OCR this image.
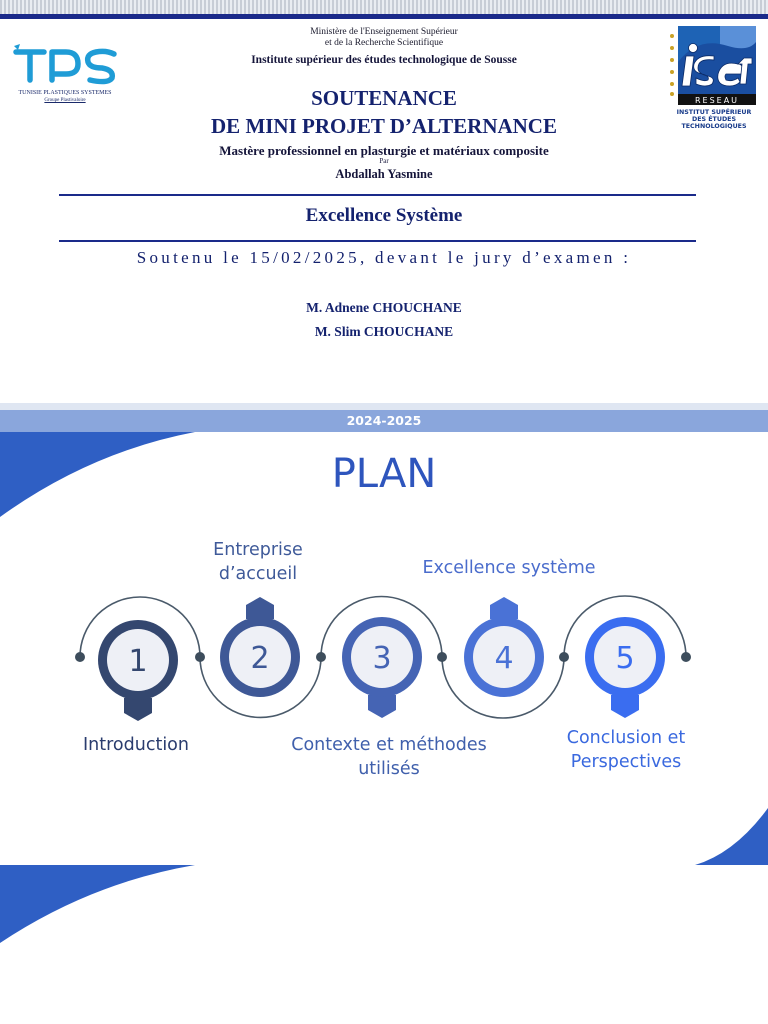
TUNISIE PLASTIQUES SYSTEMES
Groupe Plastivaloire	RESEAU
INSTITUT SUPÉRIEUR
DES ÉTUDES
TECHNOLOGIQUES
Ministère de l'Enseignement Supérieur
et de la Recherche Scientifique
Institute supérieur des études technologique de Sousse
SOUTENANCE
DE MINI PROJET D’ALTERNANCE
Mastère professionnel en plasturgie et matériaux composite
Par
Abdallah Yasmine
Excellence Système
Soutenu le 15/02/2025, devant le jury d’examen :
M. Adnene CHOUCHANE
M. Slim CHOUCHANE
2024-2025
PLAN
1	2	3	4	5
Introduction
Entreprise
d’accueil
Contexte et méthodes
utilisés
Excellence système
Conclusion et
Perspectives
